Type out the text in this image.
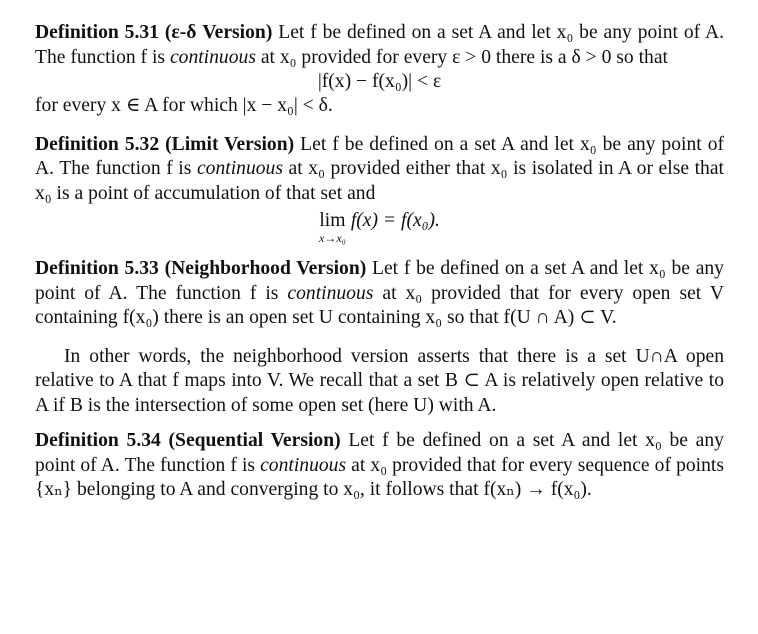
Definition 5.31 (ε-δ Version) Let f be defined on a set A and let x₀ be any point of A. The function f is continuous at x₀ provided for every ε > 0 there is a δ > 0 so that

|f(x) − f(x₀)| < ε

for every x ∈ A for which |x − x₀| < δ.

Definition 5.32 (Limit Version) Let f be defined on a set A and let x₀ be any point of A. The function f is continuous at x₀ provided either that x₀ is isolated in A or else that x₀ is a point of accumulation of that set and

lim
x→x₀
f(x) = f(x₀).

Definition 5.33 (Neighborhood Version) Let f be defined on a set A and let x₀ be any point of A. The function f is continuous at x₀ provided that for every open set V containing f(x₀) there is an open set U containing x₀ so that f(U ∩ A) ⊂ V.

In other words, the neighborhood version asserts that there is a set U∩A open relative to A that f maps into V. We recall that a set B ⊂ A is relatively open relative to A if B is the intersection of some open set (here U) with A.

Definition 5.34 (Sequential Version) Let f be defined on a set A and let x₀ be any point of A. The function f is continuous at x₀ provided that for every sequence of points {xₙ} belonging to A and converging to x₀, it follows that f(xₙ) → f(x₀).
